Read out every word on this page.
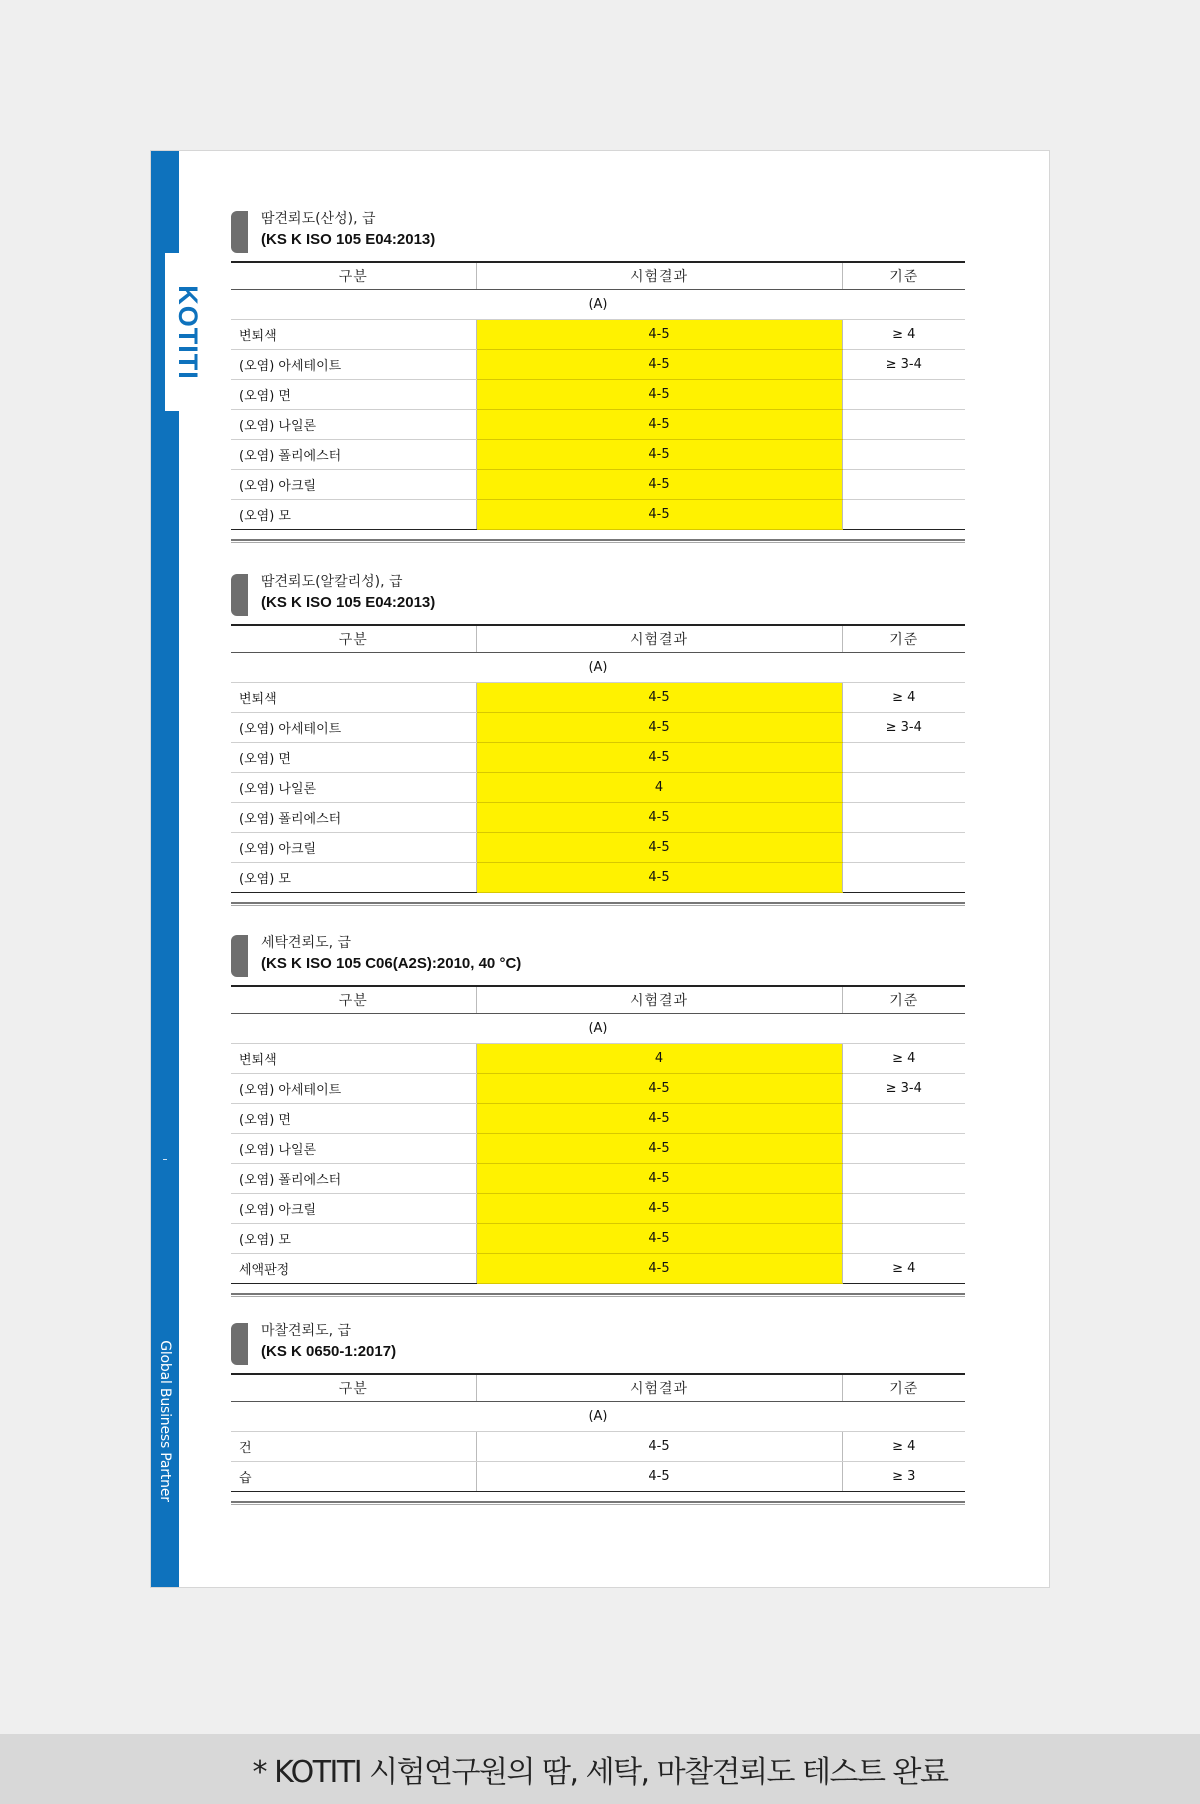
Global Business Partner
KOTITI
땀견뢰도(산성), 급
(KS K ISO 105 E04:2013)
구분	시험결과	기준
(A)		
변퇴색	4-5	≥ 4
(오염) 아세테이트	4-5	≥ 3-4
(오염) 면	4-5	
(오염) 나일론	4-5	
(오염) 폴리에스터	4-5	
(오염) 아크릴	4-5	
(오염) 모	4-5	
땀견뢰도(알칼리성), 급
(KS K ISO 105 E04:2013)
구분	시험결과	기준
(A)		
변퇴색	4-5	≥ 4
(오염) 아세테이트	4-5	≥ 3-4
(오염) 면	4-5	
(오염) 나일론	4	
(오염) 폴리에스터	4-5	
(오염) 아크릴	4-5	
(오염) 모	4-5	
세탁견뢰도, 급
(KS K ISO 105 C06(A2S):2010, 40 °C)
구분	시험결과	기준
(A)		
변퇴색	4	≥ 4
(오염) 아세테이트	4-5	≥ 3-4
(오염) 면	4-5	
(오염) 나일론	4-5	
(오염) 폴리에스터	4-5	
(오염) 아크릴	4-5	
(오염) 모	4-5	
세액판정	4-5	≥ 4
마찰견뢰도, 급
(KS K 0650-1:2017)
구분	시험결과	기준
(A)		
건	4-5	≥ 4
습	4-5	≥ 3
* KOTITI 시험연구원의 땀, 세탁, 마찰견뢰도 테스트 완료
